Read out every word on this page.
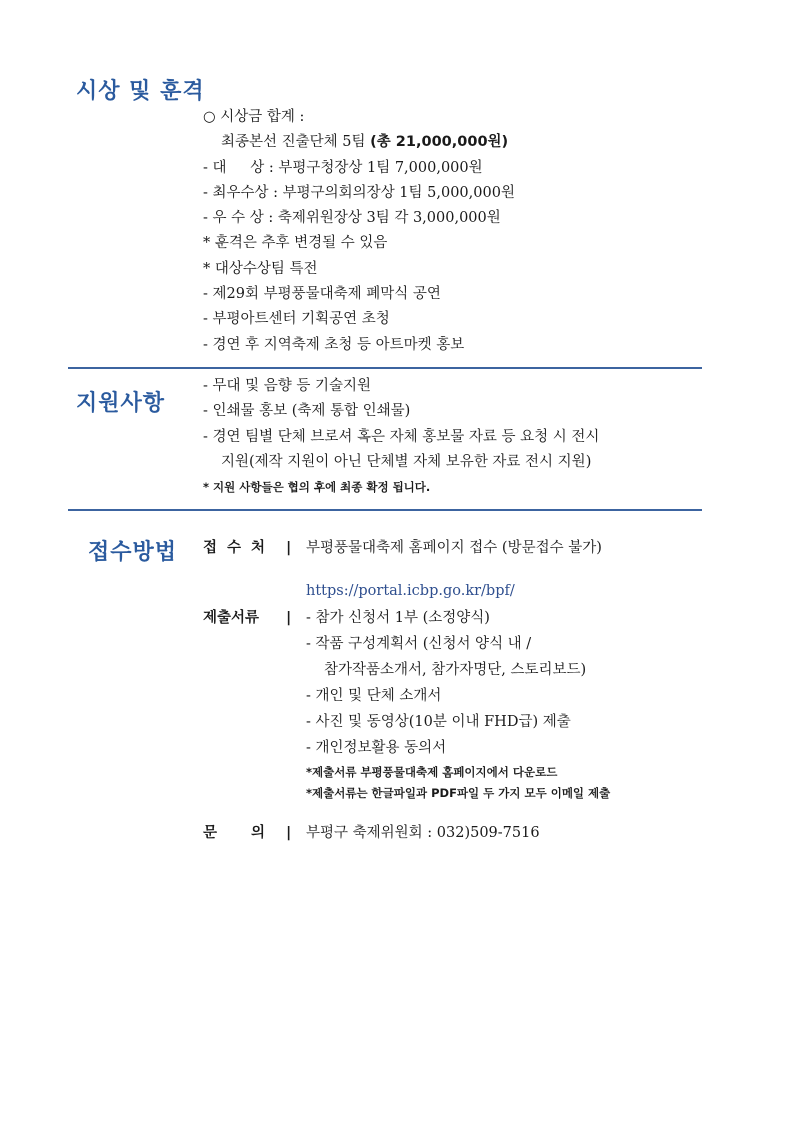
시상 및 훈격
○ 시상금 합계 :
최종본선 진출단체 5팀 (총 21,000,000원)
- 대 　 상 : 부평구청장상 1팀 7,000,000원
- 최우수상 : 부평구의회의장상 1팀 5,000,000원
- 우 수 상 : 축제위원장상 3팀 각 3,000,000원
* 훈격은 추후 변경될 수 있음
* 대상수상팀 특전
- 제29회 부평풍물대축제 폐막식 공연
- 부평아트센터 기획공연 초청
- 경연 후 지역축제 초청 등 아트마켓 홍보
지원사항
- 무대 및 음향 등 기술지원
- 인쇄물 홍보 (축제 통합 인쇄물)
- 경연 팀별 단체 브로셔 혹은 자체 홍보물 자료 등 요청 시 전시
지원(제작 지원이 아닌 단체별 자체 보유한 자료 전시 지원)
* 지원 사항들은 협의 후에 최종 확정 됩니다.
접수방법 접 수 처 | 부평풍물대축제 홈페이지 접수 (방문접수 불가)
https://portal.icbp.go.kr/bpf/
제출서류 | - 참가 신청서 1부 (소정양식)
- 작품 구성계획서 (신청서 양식 내 /
참가작품소개서, 참가자명단, 스토리보드)
- 개인 및 단체 소개서
- 사진 및 동영상(10분 이내 FHD급) 제출
- 개인정보활용 동의서
*제출서류 부평풍물대축제 홈페이지에서 다운로드
*제출서류는 한글파일과 PDF파일 두 가지 모두 이메일 제출
문 의 | 부평구 축제위원회 : 032)509-7516
